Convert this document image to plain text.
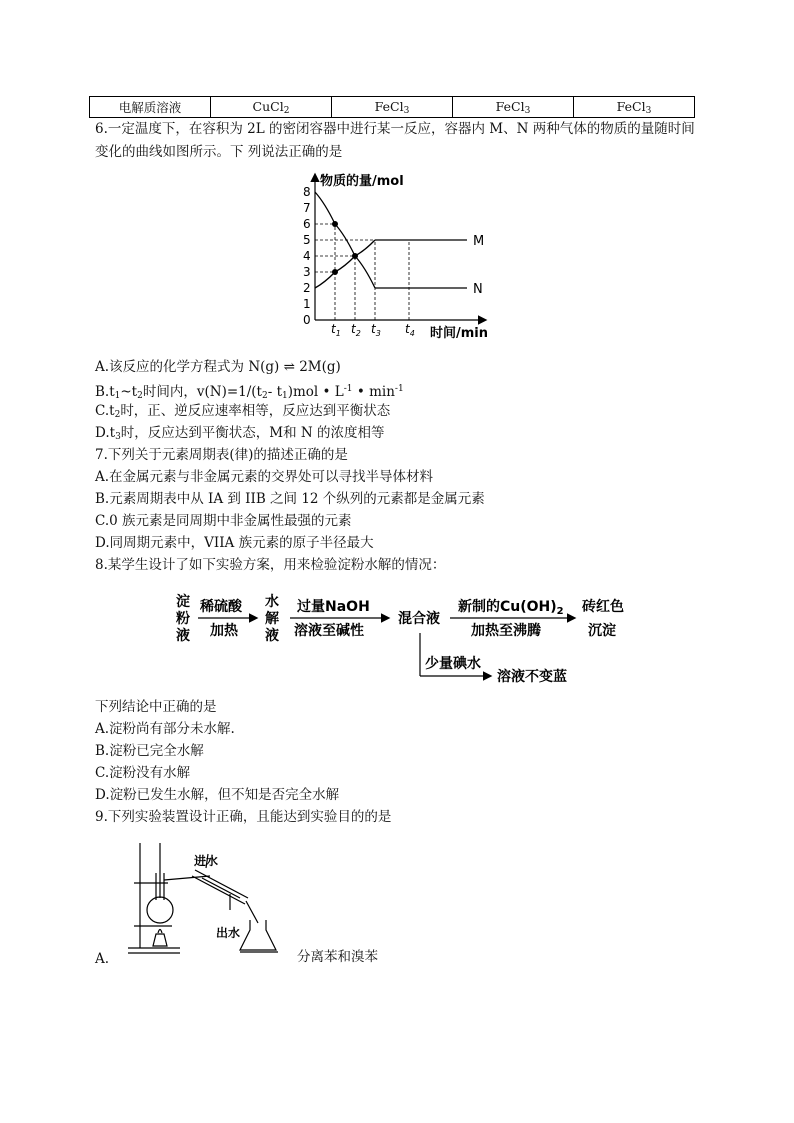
电解质溶液	CuCl$_2$	FeCl$_3$	FeCl$_3$	FeCl$_3$
6.一定温度下，在容积为 2L 的密闭容器中进行某一反应，容器内 M、N 两种气体的物质的量随时间
变化的曲线如图所示。下 列说法正确的是
物质的量/mol
时间/min
0
1
2
3
4
5
6
7
8
$t_1$ $t_2$ $t_3$ $t_4$
M
N
A.该反应的化学方程式为 N(g) ⇌ 2M(g)
$B.t_1\sim t_2$时间内，$v(N)=1/(t_2-$ $t_1)mol$ • $L^{-1}$ • $\min^{-1}$
$C.t_2$时，正、逆反应速率相等，反应达到平衡状态
$D.t_3$时，反应达到平衡状态，M和 N 的浓度相等
7.下列关于元素周期表(律)的描述正确的是
A.在金属元素与非金属元素的交界处可以寻找半导体材料
B.元素周期表中从 IA 到 IIB 之间 12 个纵列的元素都是金属元素
C.0 族元素是同周期中非金属性最强的元素
D.同周期元素中，VIIA 族元素的原子半径最大
8.某学生设计了如下实验方案，用来检验淀粉水解的情况：
淀
粉
液
稀硫酸
加热
水
解
液
过量NaOH
溶液至碱性
混合液
新制的$Cu(OH)_2$
加热至沸腾
砖红色
沉淀
少量碘水
溶液不变蓝
下列结论中正确的是
A.淀粉尚有部分未水解.
B.淀粉已完全水解
C.淀粉没有水解
D.淀粉已发生水解，但不知是否完全水解
9.下列实验装置设计正确，且能达到实验目的的是
进水
出水
A.	分离苯和溴苯
